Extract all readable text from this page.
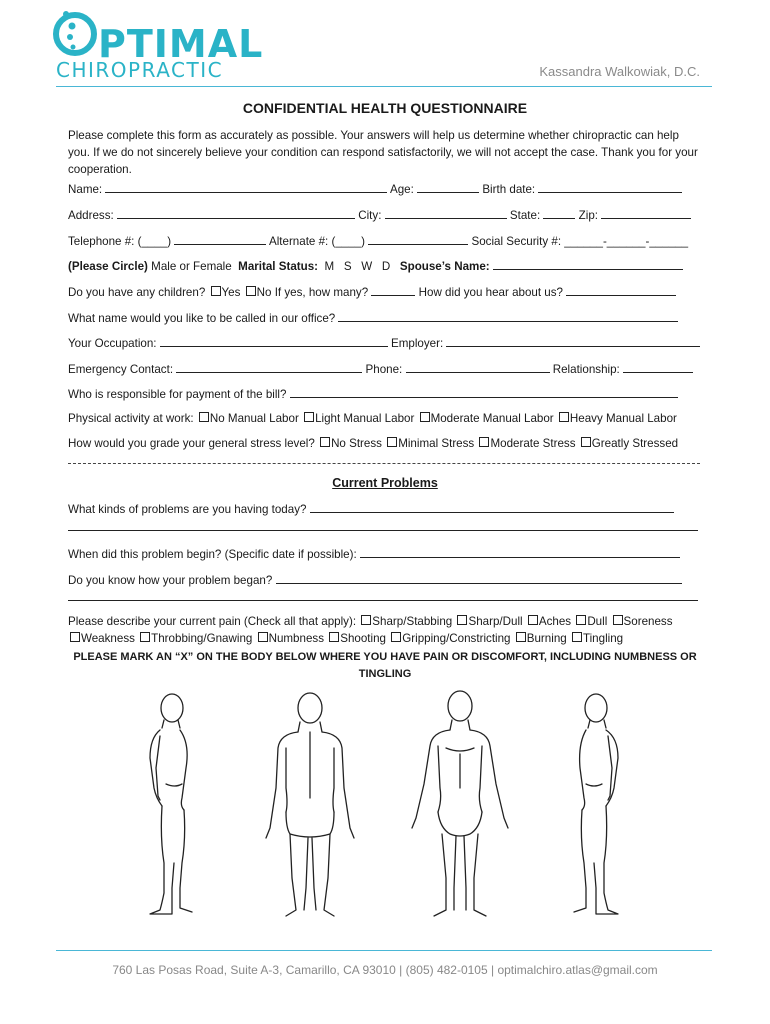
PTIMAL
CHIROPRACTIC	Kassandra Walkowiak, D.C.
CONFIDENTIAL HEALTH QUESTIONNAIRE
Please complete this form as accurately as possible. Your answers will help us determine whether chiropractic can help you. If we do not sincerely believe your condition can respond satisfactorily, we will not accept the case. Thank you for your cooperation.
Name:	Age:	Birth date:
Address:	City:	State:	Zip:
Telephone #: (____)	Alternate #: (____)	Social Security #: ______-______-______
(Please Circle) Male or Female Marital Status: M   S   W   D Spouse’s Name:
Do you have any children? Yes No If yes, how many?	How did you hear about us?
What name would you like to be called in our office?
Your Occupation:	Employer:
Emergency Contact:	Phone:	Relationship:
Who is responsible for payment of the bill?
Physical activity at work: No Manual Labor Light Manual Labor Moderate Manual Labor Heavy Manual Labor
How would you grade your general stress level? No Stress Minimal Stress Moderate Stress Greatly Stressed
Current Problems
What kinds of problems are you having today?
When did this problem begin? (Specific date if possible):
Do you know how your problem began?
Please describe your current pain (Check all that apply): Sharp/Stabbing Sharp/Dull Aches Dull Soreness
Weakness Throbbing/Gnawing Numbness Shooting Gripping/Constricting Burning Tingling
PLEASE MARK AN “X” ON THE BODY BELOW WHERE YOU HAVE PAIN OR DISCOMFORT, INCLUDING NUMBNESS OR TINGLING
760 Las Posas Road, Suite A-3, Camarillo, CA 93010 | (805) 482-0105 | optimalchiro.atlas@gmail.com
